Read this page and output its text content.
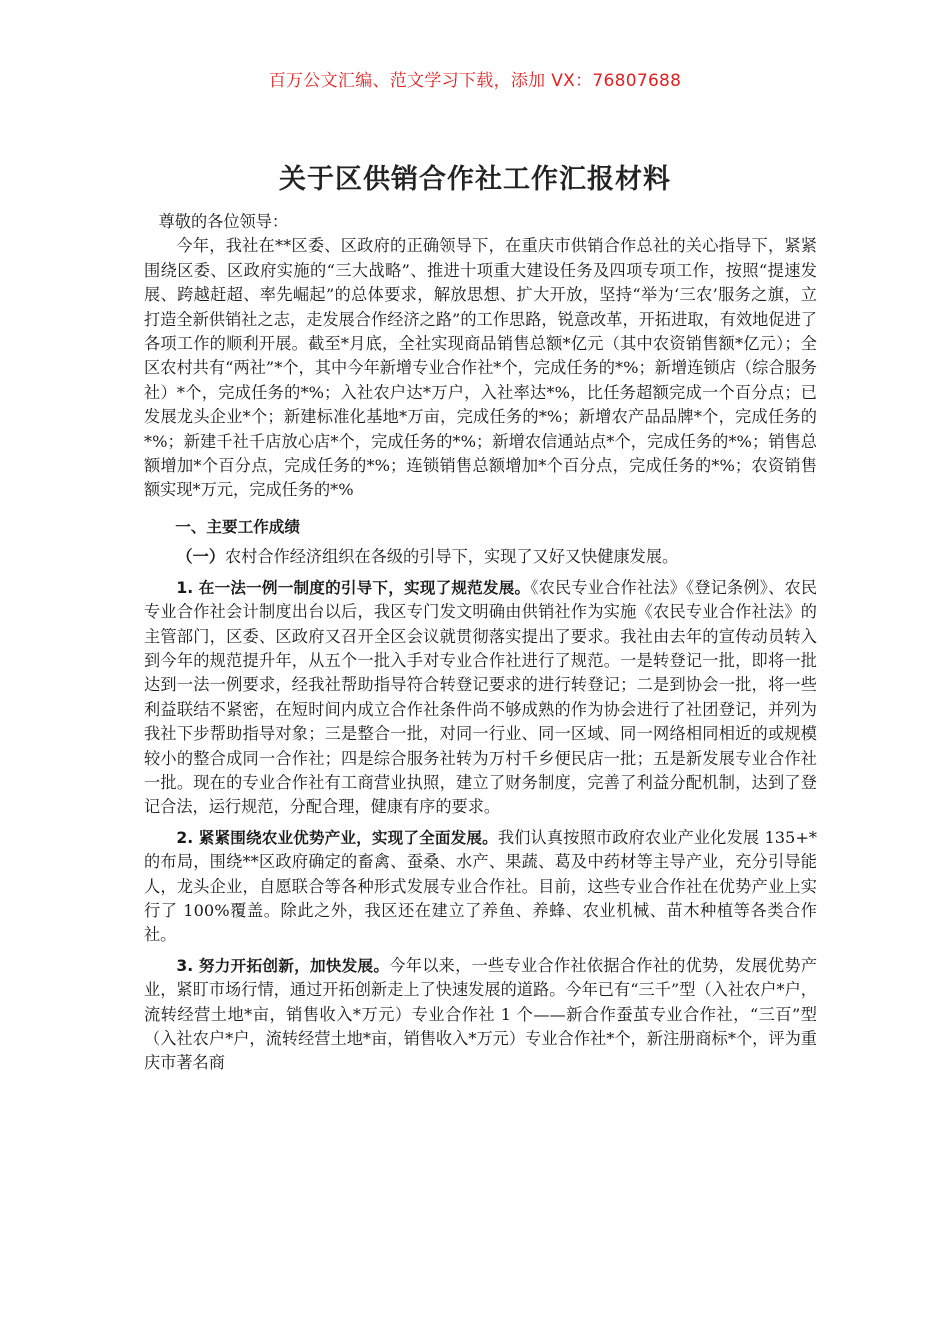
百万公文汇编、范文学习下载，添加 VX：76807688
关于区供销合作社工作汇报材料

尊敬的各位领导：

今年，我社在**区委、区政府的正确领导下，在重庆市供销合作总社的关心指导下，紧紧围绕区委、区政府实施的“三大战略”、推进十项重大建设任务及四项专项工作，按照“提速发展、跨越赶超、率先崛起”的总体要求，解放思想、扩大开放，坚持“举为‘三农’服务之旗，立打造全新供销社之志，走发展合作经济之路”的工作思路，锐意改革，开拓进取，有效地促进了各项工作的顺利开展。截至*月底，全社实现商品销售总额*亿元（其中农资销售额*亿元）；全区农村共有“两社”*个，其中今年新增专业合作社*个，完成任务的*%；新增连锁店（综合服务社）*个，完成任务的*%；入社农户达*万户，入社率达*%，比任务超额完成一个百分点；已发展龙头企业*个；新建标准化基地*万亩，完成任务的*%；新增农产品品牌*个，完成任务的*%；新建千社千店放心店*个，完成任务的*%；新增农信通站点*个，完成任务的*%；销售总额增加*个百分点，完成任务的*%；连锁销售总额增加*个百分点，完成任务的*%；农资销售额实现*万元，完成任务的*%

一、主要工作成绩

（一）农村合作经济组织在各级的引导下，实现了又好又快健康发展。

1. 在一法一例一制度的引导下，实现了规范发展。《农民专业合作社法》《登记条例》、农民专业合作社会计制度出台以后，我区专门发文明确由供销社作为实施《农民专业合作社法》的主管部门，区委、区政府又召开全区会议就贯彻落实提出了要求。我社由去年的宣传动员转入到今年的规范提升年，从五个一批入手对专业合作社进行了规范。一是转登记一批，即将一批达到一法一例要求，经我社帮助指导符合转登记要求的进行转登记；二是到协会一批，将一些利益联结不紧密，在短时间内成立合作社条件尚不够成熟的作为协会进行了社团登记，并列为我社下步帮助指导对象；三是整合一批，对同一行业、同一区域、同一网络相同相近的或规模较小的整合成同一合作社；四是综合服务社转为万村千乡便民店一批；五是新发展专业合作社一批。现在的专业合作社有工商营业执照，建立了财务制度，完善了利益分配机制，达到了登记合法，运行规范，分配合理，健康有序的要求。

2. 紧紧围绕农业优势产业，实现了全面发展。我们认真按照市政府农业产业化发展 135+*的布局，围绕**区政府确定的畜禽、蚕桑、水产、果蔬、葛及中药材等主导产业，充分引导能人，龙头企业，自愿联合等各种形式发展专业合作社。目前，这些专业合作社在优势产业上实行了 100%覆盖。除此之外，我区还在建立了养鱼、养蜂、农业机械、苗木种植等各类合作社。

3. 努力开拓创新，加快发展。今年以来，一些专业合作社依据合作社的优势，发展优势产业，紧盯市场行情，通过开拓创新走上了快速发展的道路。今年已有“三千”型（入社农户*户，流转经营土地*亩，销售收入*万元）专业合作社 1 个——新合作蚕茧专业合作社，“三百”型（入社农户*户，流转经营土地*亩，销售收入*万元）专业合作社*个，新注册商标*个，评为重庆市著名商
